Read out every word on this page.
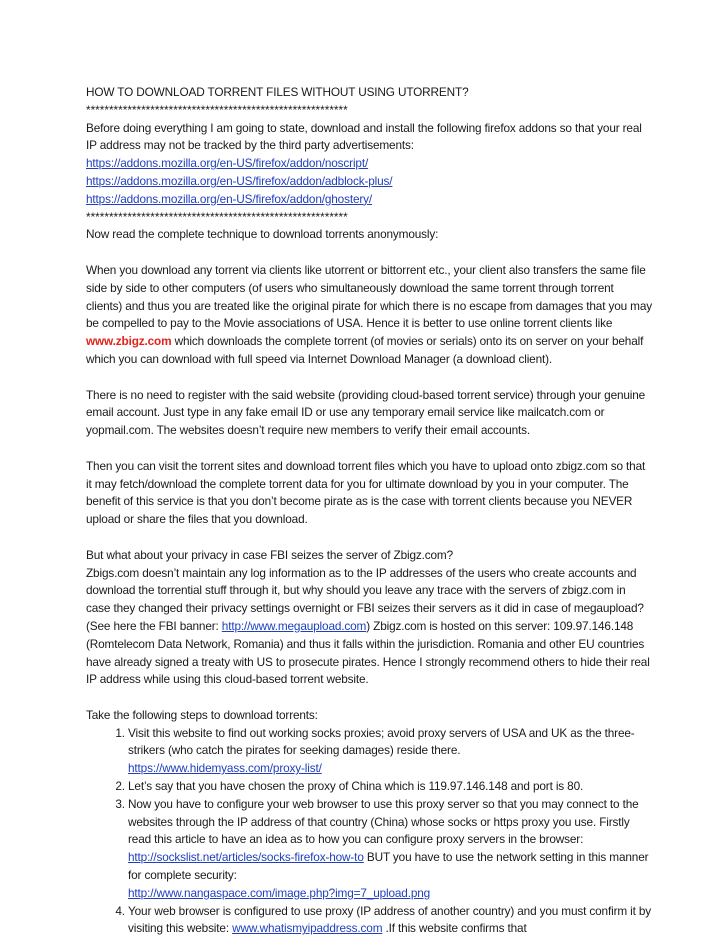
HOW TO DOWNLOAD TORRENT FILES WITHOUT USING UTORRENT?

*********************************************************

Before doing everything I am going to state, download and install the following firefox addons so that your real IP address may not be tracked by the third party advertisements:

https://addons.mozilla.org/en-US/firefox/addon/noscript/

https://addons.mozilla.org/en-US/firefox/addon/adblock-plus/

https://addons.mozilla.org/en-US/firefox/addon/ghostery/

*********************************************************

Now read the complete technique to download torrents anonymously:

When you download any torrent via clients like utorrent or bittorrent etc., your client also transfers the same file side by side to other computers (of users who simultaneously download the same torrent through torrent clients) and thus you are treated like the original pirate for which there is no escape from damages that you may be compelled to pay to the Movie associations of USA. Hence it is better to use online torrent clients like www.zbigz.com which downloads the complete torrent (of movies or serials) onto its on server on your behalf which you can download with full speed via Internet Download Manager (a download client).

There is no need to register with the said website (providing cloud-based torrent service) through your genuine email account. Just type in any fake email ID or use any temporary email service like mailcatch.com or yopmail.com. The websites doesn’t require new members to verify their email accounts.

Then you can visit the torrent sites and download torrent files which you have to upload onto zbigz.com so that it may fetch/download the complete torrent data for you for ultimate download by you in your computer. The benefit of this service is that you don’t become pirate as is the case with torrent clients because you NEVER upload or share the files that you download.

But what about your privacy in case FBI seizes the server of Zbigz.com?

Zbigs.com doesn’t maintain any log information as to the IP addresses of the users who create accounts and download the torrential stuff through it, but why should you leave any trace with the servers of zbigz.com in case they changed their privacy settings overnight or FBI seizes their servers as it did in case of megaupload? (See here the FBI banner: http://www.megaupload.com) Zbigz.com is hosted on this server: 109.97.146.148 (Romtelecom Data Network, Romania) and thus it falls within the jurisdiction. Romania and other EU countries have already signed a treaty with US to prosecute pirates. Hence I strongly recommend others to hide their real IP address while using this cloud-based torrent website.

Take the following steps to download torrents:

1. Visit this website to find out working socks proxies; avoid proxy servers of USA and UK as the three-strikers (who catch the pirates for seeking damages) reside there.
https://www.hidemyass.com/proxy-list/
2. Let’s say that you have chosen the proxy of China which is 119.97.146.148 and port is 80.
3. Now you have to configure your web browser to use this proxy server so that you may connect to the websites through the IP address of that country (China) whose socks or https proxy you use. Firstly read this article to have an idea as to how you can configure proxy servers in the browser: http://sockslist.net/articles/socks-firefox-how-to BUT you have to use the network setting in this manner for complete security:
http://www.nangaspace.com/image.php?img=7_upload.png
4. Your web browser is configured to use proxy (IP address of another country) and you must confirm it by visiting this website: www.whatismyipaddress.com .If this website confirms that
